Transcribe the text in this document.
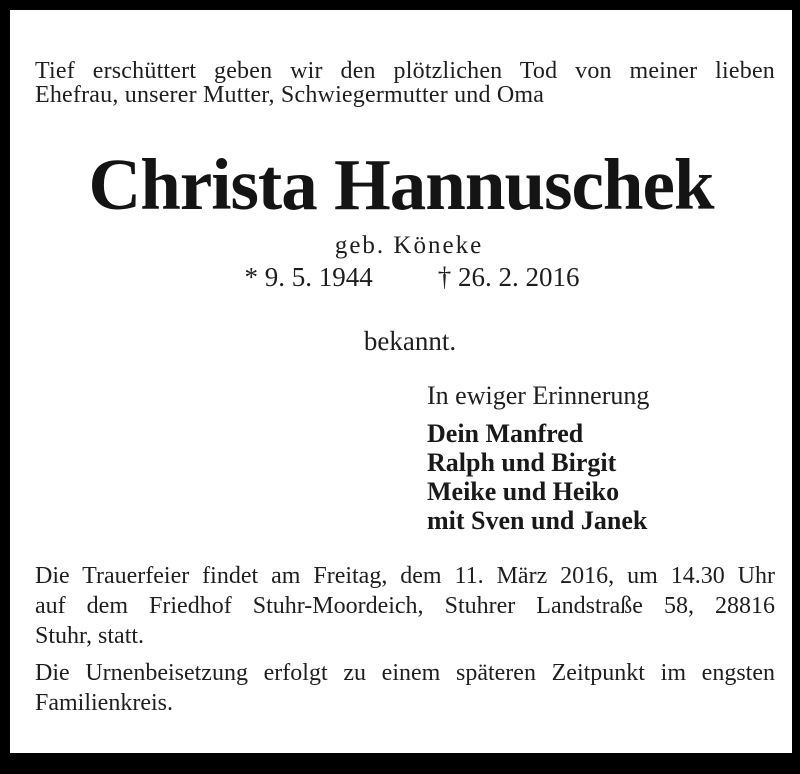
Tief erschüttert geben wir den plötzlichen Tod von meiner lieben
Ehefrau, unserer Mutter, Schwiegermutter und Oma
Christa Hannuschek
geb. Köneke
* 9. 5. 1944 † 26. 2. 2016
bekannt.
In ewiger Erinnerung
Dein Manfred
Ralph und Birgit
Meike und Heiko
mit Sven und Janek
Die Trauerfeier findet am Freitag, dem 11. März 2016, um 14.30 Uhr
auf dem Friedhof Stuhr-Moordeich, Stuhrer Landstraße 58, 28816
Stuhr, statt.
Die Urnenbeisetzung erfolgt zu einem späteren Zeitpunkt im engsten
Familienkreis.
